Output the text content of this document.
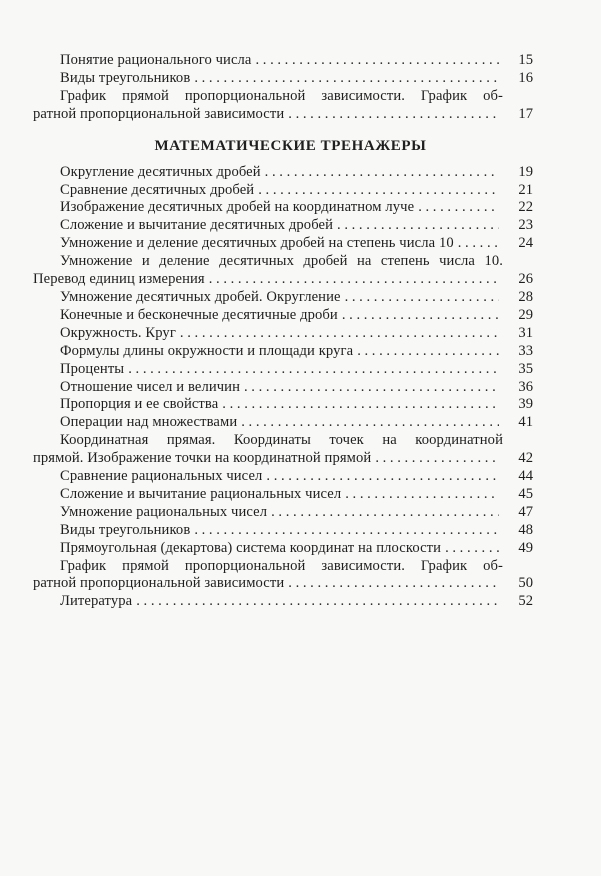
Понятие рационального числа . . .	15
Виды треугольников . . .	16
График прямой пропорциональной зависимости. График об-
ратной пропорциональной зависимости . . .	17
МАТЕМАТИЧЕСКИЕ ТРЕНАЖЕРЫ
Округление десятичных дробей . . .	19
Сравнение десятичных дробей . . .	21
Изображение десятичных дробей на координатном луче . . .	22
Сложение и вычитание десятичных дробей . . .	23
Умножение и деление десятичных дробей на степень числа 10 . . .	24
Умножение и деление десятичных дробей на степень числа 10.
Перевод единиц измерения . . .	26
Умножение десятичных дробей. Округление . . .	28
Конечные и бесконечные десятичные дроби . . .	29
Окружность. Круг . . .	31
Формулы длины окружности и площади круга . . .	33
Проценты . . .	35
Отношение чисел и величин . . .	36
Пропорция и ее свойства . . .	39
Операции над множествами . . .	41
Координатная прямая. Координаты точек на координатной
прямой. Изображение точки на координатной прямой . . .	42
Сравнение рациональных чисел . . .	44
Сложение и вычитание рациональных чисел . . .	45
Умножение рациональных чисел . . .	47
Виды треугольников . . .	48
Прямоугольная (декартова) система координат на плоскости . . .	49
График прямой пропорциональной зависимости. График об-
ратной пропорциональной зависимости . . .	50
Литература . . .	52
